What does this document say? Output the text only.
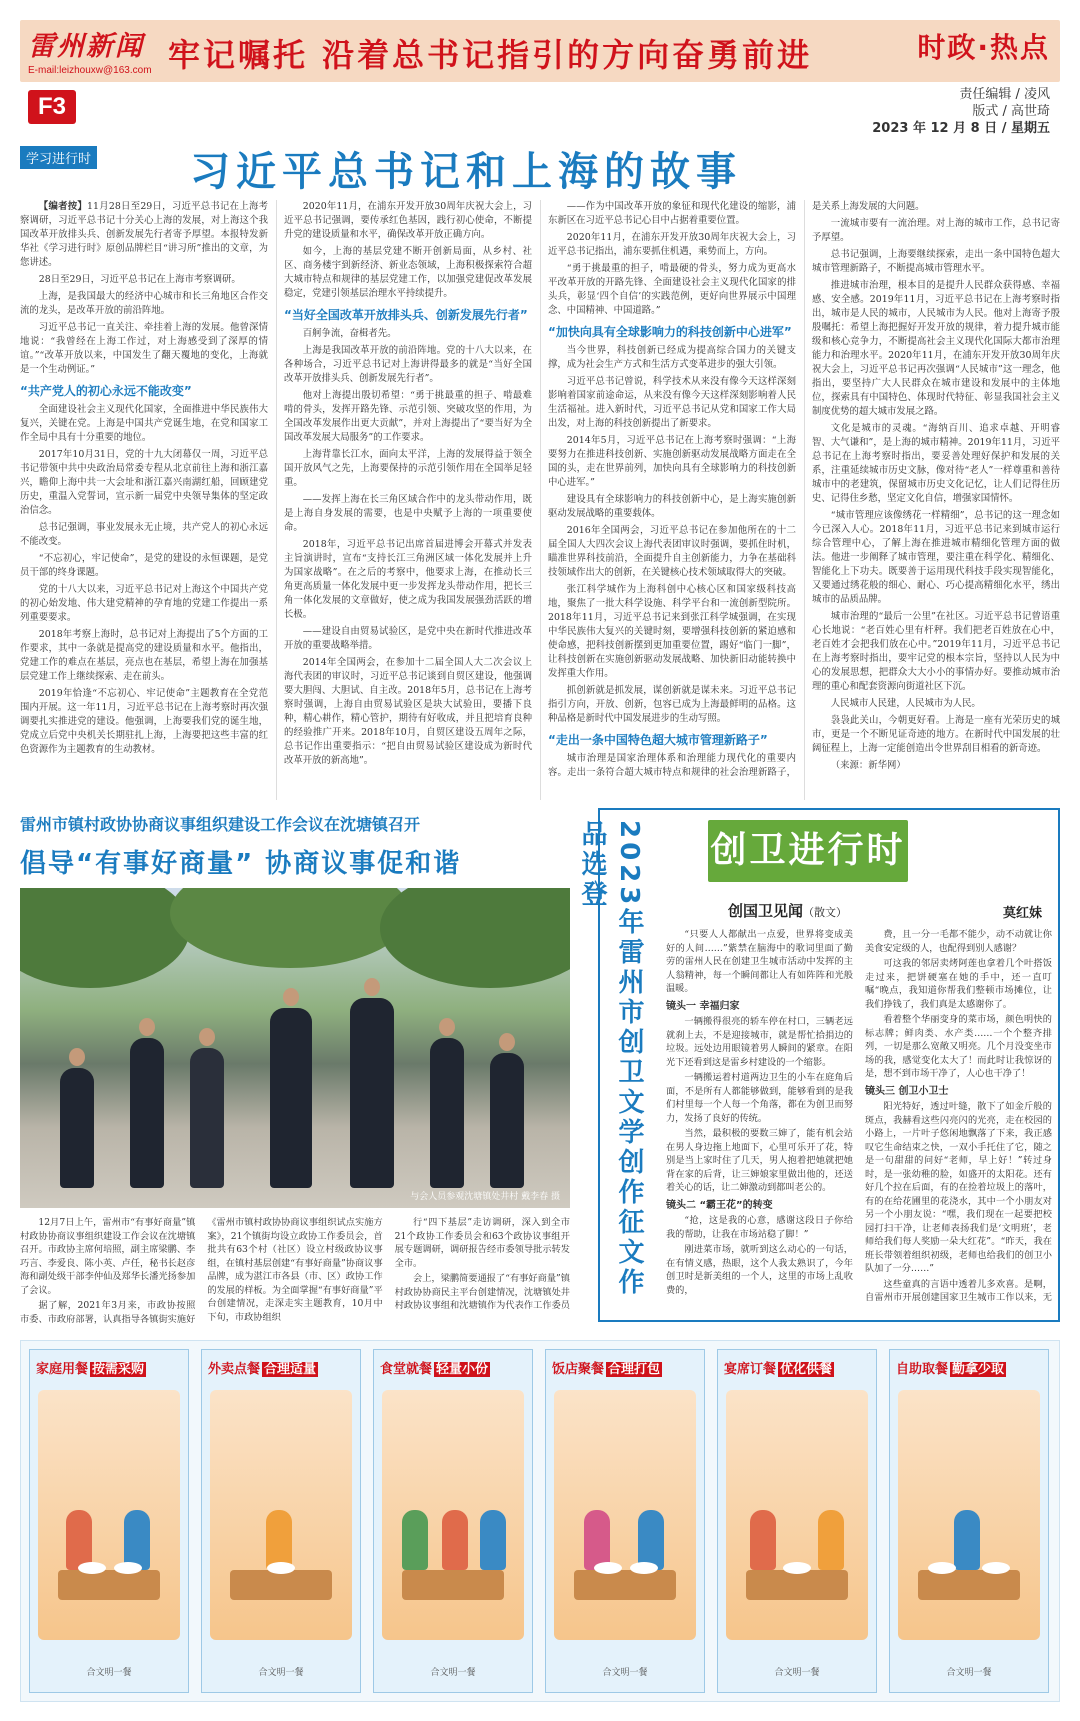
雷州新闻
E-mail:leizhouxw@163.com 牢记嘱托 沿着总书记指引的方向奋勇前进	时政·热点
F3	责任编辑 / 凌风
版式 / 高世琦
2023 年 12 月 8 日 / 星期五
学习进行时 习近平总书记和上海的故事

【编者按】11月28日至29日，习近平总书记在上海考察调研，习近平总书记十分关心上海的发展，对上海这个我国改革开放排头兵、创新发展先行者寄予厚望。本报特发新华社《学习进行时》原创品牌栏目“讲习所”推出的文章，为您讲述。

28日至29日，习近平总书记在上海市考察调研。

上海，是我国最大的经济中心城市和长三角地区合作交流的龙头，是改革开放的前沿阵地。

习近平总书记一直关注、牵挂着上海的发展。他曾深情地说：“我曾经在上海工作过，对上海感受到了深厚的情谊。”“改革开放以来，中国发生了翻天覆地的变化，上海就是一个生动例证。”

“共产党人的初心永远不能改变”

全面建设社会主义现代化国家，全面推进中华民族伟大复兴，关键在党。上海是中国共产党诞生地，在党和国家工作全局中具有十分重要的地位。

2017年10月31日，党的十九大闭幕仅一周，习近平总书记带领中共中央政治局常委专程从北京前往上海和浙江嘉兴，瞻仰上海中共一大会址和浙江嘉兴南湖红船，回顾建党历史，重温入党誓词，宣示新一届党中央领导集体的坚定政治信念。

总书记强调，事业发展永无止境，共产党人的初心永远不能改变。

“不忘初心，牢记使命”，是党的建设的永恒课题，是党员干部的终身课题。

党的十八大以来，习近平总书记对上海这个中国共产党的初心始发地、伟大建党精神的孕育地的党建工作提出一系列重要要求。

2018年考察上海时，总书记对上海提出了5个方面的工作要求，其中一条就是提高党的建设质量和水平。他指出，党建工作的难点在基层，亮点也在基层，希望上海在加强基层党建工作上继续探索、走在前头。

2019年恰逢“不忘初心、牢记使命”主题教育在全党范围内开展。这一年11月，习近平总书记在上海考察时再次强调要扎实推进党的建设。他强调，上海要我们党的诞生地，党成立后党中央机关长期驻扎上海，上海要把这些丰富的红色资源作为主题教育的生动教材。

2020年11月，在浦东开发开放30周年庆祝大会上，习近平总书记强调，要传承红色基因，践行初心使命，不断提升党的建设质量和水平，确保改革开放正确方向。

如今，上海的基层党建不断开创新局面，从乡村、社区、商务楼宇到新经济、新业态领域，上海积极探索符合超大城市特点和规律的基层党建工作，以加强党建促改革发展稳定，党建引领基层治理水平持续提升。

“当好全国改革开放排头兵、创新发展先行者”

百舸争流，奋楫者先。

上海是我国改革开放的前沿阵地。党的十八大以来，在各种场合，习近平总书记对上海讲得最多的就是“当好全国改革开放排头兵、创新发展先行者”。

他对上海提出殷切希望：“勇于挑最重的担子、啃最难啃的骨头，发挥开路先锋、示范引领、突破攻坚的作用，为全国改革发展作出更大贡献”，并对上海提出了“要当好为全国改革发展大局服务”的工作要求。

上海背靠长江水，面向太平洋，上海的发展得益于领全国开放风气之先，上海要保持的示范引领作用在全国举足轻重。

——发挥上海在长三角区域合作中的龙头带动作用，既是上海自身发展的需要，也是中央赋予上海的一项重要使命。

2018年，习近平总书记出席首届进博会开幕式并发表主旨演讲时，宣布“支持长江三角洲区域一体化发展并上升为国家战略”。在之后的考察中，他要求上海，在推动长三角更高质量一体化发展中更一步发挥龙头带动作用，把长三角一体化发展的文章做好，使之成为我国发展强劲活跃的增长极。

——建设自由贸易试验区，是党中央在新时代推进改革开放的重要战略举措。

2014年全国两会，在参加十二届全国人大二次会议上海代表团的审议时，习近平总书记谈到自贸区建设，他强调要大胆闯、大胆试、自主改。2018年5月，总书记在上海考察时强调，上海自由贸易试验区是块大试验田，要播下良种，精心耕作，精心管护，期待有好收成，并且把培育良种的经验推广开来。2018年10月，自贸区建设五周年之际，总书记作出重要指示：“把自由贸易试验区建设成为新时代改革开放的新高地”。

——作为中国改革开放的象征和现代化建设的缩影，浦东新区在习近平总书记心目中占据着重要位置。

2020年11月，在浦东开发开放30周年庆祝大会上，习近平总书记指出，浦东要抓住机遇，乘势而上，方向。

“勇于挑最重的担子，啃最硬的骨头，努力成为更高水平改革开放的开路先锋、全面建设社会主义现代化国家的排头兵，彰显‘四个自信’的实践范例，更好向世界展示中国理念、中国精神、中国道路。”

“加快向具有全球影响力的科技创新中心进军”

当今世界，科技创新已经成为提高综合国力的关键支撑，成为社会生产方式和生活方式变革进步的强大引领。

习近平总书记曾说，科学技术从来没有像今天这样深刻影响着国家前途命运，从来没有像今天这样深刻影响着人民生活福祉。进入新时代，习近平总书记从党和国家工作大局出发，对上海的科技创新提出了新要求。

2014年5月，习近平总书记在上海考察时强调：“上海要努力在推进科技创新、实施创新驱动发展战略方面走在全国的头，走在世界前列，加快向具有全球影响力的科技创新中心进军。”

建设具有全球影响力的科技创新中心，是上海实施创新驱动发展战略的重要载体。

2016年全国两会，习近平总书记在参加他所在的十二届全国人大四次会议上海代表团审议时强调，要抓住时机，瞄准世界科技前沿，全面提升自主创新能力，力争在基础科技领域作出大的创新，在关键核心技术领域取得大的突破。

张江科学城作为上海科创中心核心区和国家级科技高地，聚焦了一批大科学设施、科学平台和一流创新型院所。2018年11月，习近平总书记来到张江科学城强调，在实现中华民族伟大复兴的关键时刻，要增强科技创新的紧迫感和使命感，把科技创新摆到更加重要位置，踢好“临门一脚”，让科技创新在实施创新驱动发展战略、加快新旧动能转换中发挥重大作用。

抓创新就是抓发展，谋创新就是谋未来。习近平总书记指引方向，开放、创新，包容已成为上海最鲜明的品格。这种品格是新时代中国发展进步的生动写照。

“走出一条中国特色超大城市管理新路子”

城市治理是国家治理体系和治理能力现代化的重要内容。走出一条符合超大城市特点和规律的社会治理新路子，是关系上海发展的大问题。

一流城市要有一流治理。对上海的城市工作，总书记寄予厚望。

总书记强调，上海要继续探索，走出一条中国特色超大城市管理新路子，不断提高城市管理水平。

推进城市治理，根本目的是提升人民群众获得感、幸福感、安全感。2019年11月，习近平总书记在上海考察时指出，城市是人民的城市，人民城市为人民。他对上海寄予殷殷嘱托：希望上海把握好开发开放的规律，着力提升城市能级和核心竞争力，不断提高社会主义现代化国际大都市治理能力和治理水平。2020年11月，在浦东开发开放30周年庆祝大会上，习近平总书记再次强调“人民城市”这一理念，他指出，要坚持广大人民群众在城市建设和发展中的主体地位，探索具有中国特色、体现时代特征、彰显我国社会主义制度优势的超大城市发展之路。

文化是城市的灵魂。“海纳百川、追求卓越、开明睿智、大气谦和”，是上海的城市精神。2019年11月，习近平总书记在上海考察时指出，要妥善处理好保护和发展的关系，注重延续城市历史文脉，像对待“老人”一样尊重和善待城市中的老建筑，保留城市历史文化记忆，让人们记得住历史、记得住乡愁，坚定文化自信，增强家国情怀。

“城市管理应该像绣花一样精细”，总书记的这一理念如今已深入人心。2018年11月，习近平总书记来到城市运行综合管理中心，了解上海在推进城市精细化管理方面的做法。他进一步阐释了城市管理，要注重在科学化、精细化、智能化上下功夫。既要善于运用现代科技手段实现智能化，又要通过绣花般的细心、耐心、巧心提高精细化水平，绣出城市的品质品牌。

城市治理的“最后一公里”在社区。习近平总书记曾语重心长地说：“老百姓心里有杆秤。我们把老百姓放在心中，老百姓才会把我们放在心中。”2019年11月，习近平总书记在上海考察时指出，要牢记党的根本宗旨，坚持以人民为中心的发展思想，把群众大大小小的事情办好。要推动城市治理的重心和配套资源向街道社区下沉。

人民城市人民建，人民城市为人民。

袅袅此关山，今朝更好看。上海是一座有光荣历史的城市，更是一个不断见证奇迹的地方。在新时代中国发展的壮阔征程上，上海一定能创造出令世界刮目相看的新奇迹。

（来源：新华网）

雷州市镇村政协协商议事组织建设工作会议在沈塘镇召开
倡导“有事好商量” 协商议事促和谐
与会人员参观沈塘镇处井村 戴李春 摄

12月7日上午，雷州市“有事好商量”镇村政协协商议事组织建设工作会议在沈塘镇召开。市政协主席何培照，副主席梁鹏、李巧言、李爱良、陈小英、卢任，秘书长赵彦海和副处级干部李仲仙及郑华长潘光扬参加了会议。

据了解，2021年3月来，市政协按照市委、市政府部署，认真指导各镇街实施好《雷州市镇村政协协商议事组织试点实施方案》，21个镇街均设立政协工作委员会，首批共有63个村（社区）设立村级政协议事组，在镇村基层创建“有事好商量”协商议事品牌，成为湛江市各县（市、区）政协工作的发展的样板。为全面掌握“有事好商量”平台创建情况，走深走实主题教育，10月中下旬，市政协组织

行“四下基层”走访调研，深入到全市21个政协工作委员会和63个政协议事组开展专题调研，调研报告经市委领导批示转发全市。

会上，梁鹏简要通报了“有事好商量”镇村政协协商民主平台创建情况，沈塘镇处井村政协议事组和沈塘镇作为代表作工作委员

2023年雷州市创卫文学创作征文作品选登	创卫进行时
创国卫见闻（散文）	莫红妹

“只要人人都献出一点爱，世界将变成美好的人间……”紫禁在脑海中的歌词里面了勤劳的雷州人民在创建卫生城市活动中发挥的主人翁精神，每一个瞬间都让人有如阵阵和光般温暖。

镜头一 幸福归家

一辆搬得很亮的轿车停在村口，三辆老远就刹上去，不是迎接城市，就是帮忙拾捐边的垃圾。远处边用眼镜着男人瞬间的紧章。在阳光下还看到这是雷乡村建设的一个缩影。

一辆搬运着村道两边卫生的小车在庭角后面，不是所有人都能够做到，能够看到的是我们村里每一个人每一个角落，都在为创卫而努力，发扬了良好的传统。

当然，最积极的要数三婶了，能有机会站在男人身边拖上地面下，心里可乐开了花，特别是当上家时住了几天，男人抱着把她就把她背在家的后背，让三婶娘家里做出他的，还送着关心的话，让二婶激动到都叫老公的。

镜头二 “霸王花”的转变

“抢，这是我的心意，感谢这段日子你给我的帮助，让我在市场站稳了脚！”

刚进菜市场，就听到这么动心的一句话，在有情义感，热眼，这个人我太熟识了，今年创卫时是新美组的一个人，这里的市场上乱收费的，

费，且一分一毛都不能少，动不动就让你美食安定级的人，也配得到别人感谢？

可这我的邻居卖烤阿莲也拿着几个叶搭饭走过来，把饼硬塞在她的手中，还一直叮嘱“晚点，我知道你帮我们整顿市场摊位，让我们挣钱了，我们真是太感谢你了。

看着整个华丽变身的菜市场，颜色明快的标志牌；鲜肉类、水产类……一个个整齐排列，一切是那么宽敞又明亮。几个月没变坐市场的我，感觉变化太大了！而此时让我惊讶的是，想不到市场干净了，人心也干净了！

镜头三 创卫小卫士

阳光特好，透过叶缝，散下了如金斤般的斑点，我赫看这些闪亮闪的光亮，走在校园的小路上，一片叶子悠闲地飘落了下来，我正感叹它生命结束之快，一双小手托住了它，随之是一句甜甜的问好“老师，早上好！”转过身时，是一张幼稚的脸，如盛开的太阳花。还有好几个拉在后面，有的在捡着垃圾上的落叶，有的在给花圃里的花浇水，其中一个小朋友对另一个小朋友说：“嘿，我们现在一起要把校园打扫干净，让老师表扬我们是‘文明班’，老师给我们每人奖励一朵大红花”。“昨天，我在班长带领着组织初级，老师也给我们的创卫小队加了一分……”

这些童真的言语中透着儿多欢喜。是啊，自雷州市开展创建国家卫生城市工作以来，无

家庭用餐 按需采购
合文明一餐
外卖点餐 合理适量
合文明一餐
食堂就餐 轻量小份
合文明一餐
饭店聚餐 合理打包
合文明一餐
宴席订餐 优化供餐
合文明一餐
自助取餐 勤拿少取
合文明一餐
